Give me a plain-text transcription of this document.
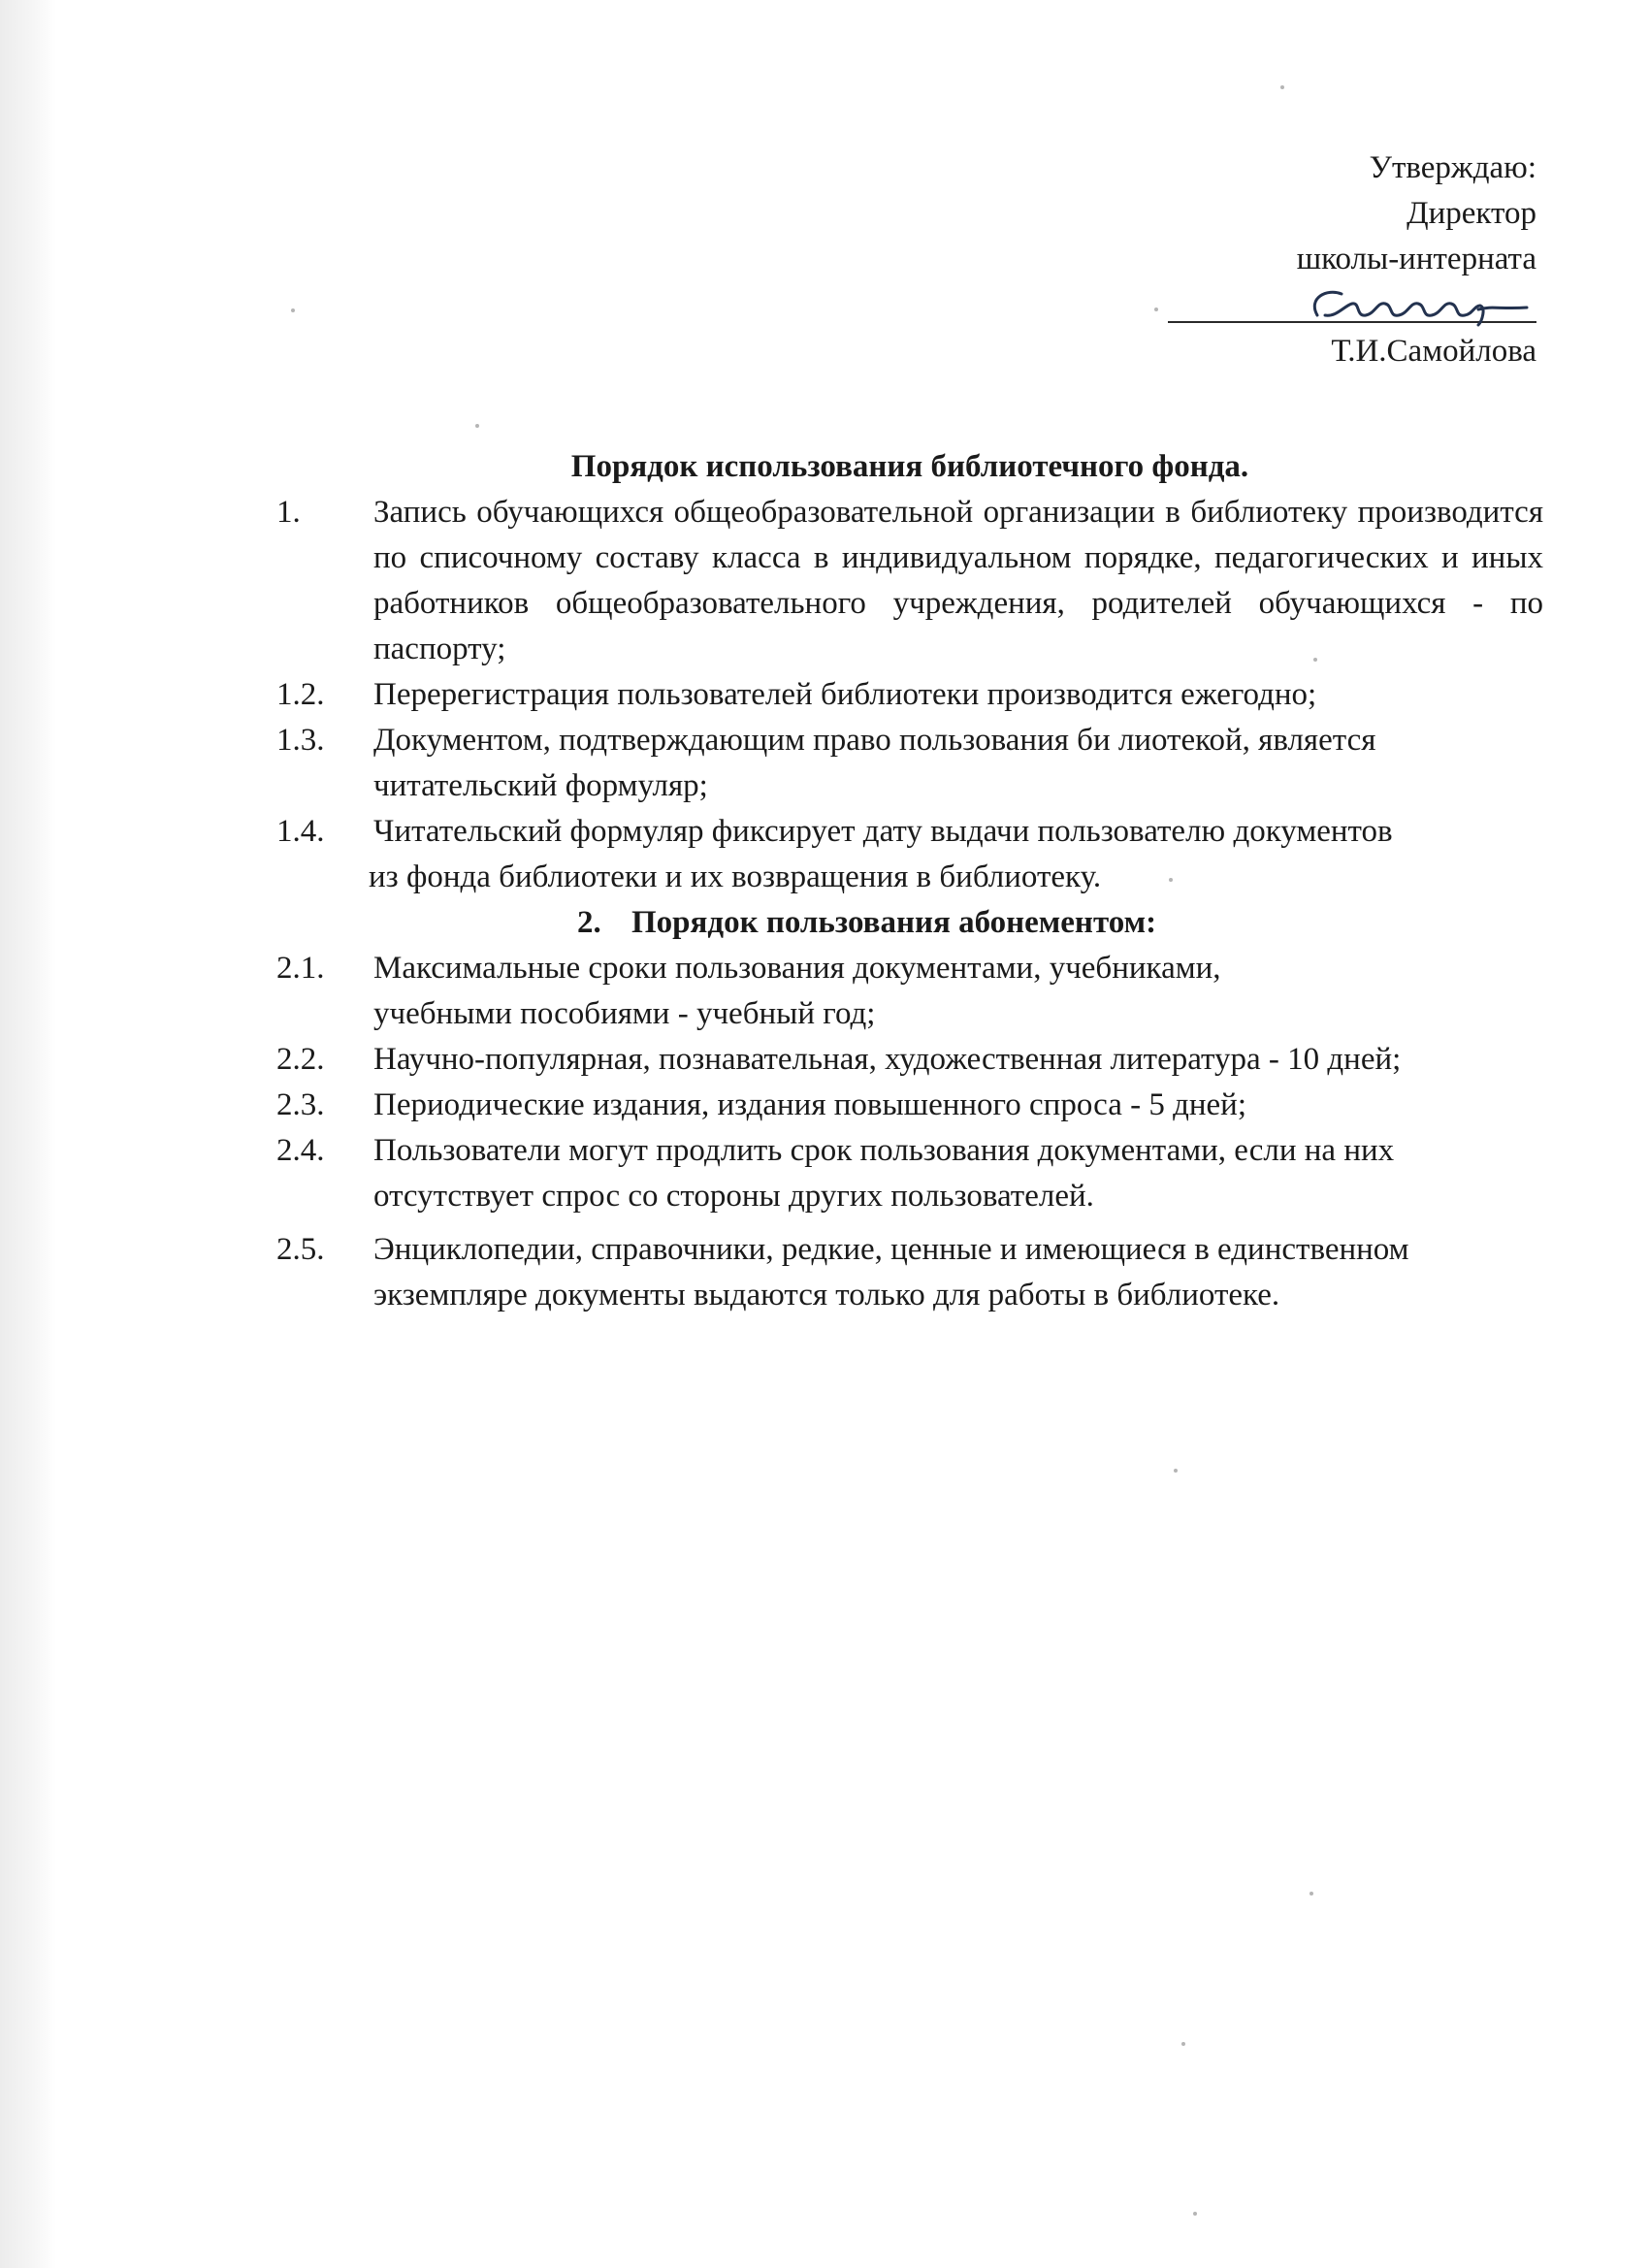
Утверждаю:
Директор
школы-интерната
Т.И.Самойлова

Порядок использования библиотечного фонда.

1.	Запись обучающихся общеобразовательной организации в библиотеку производится по списочному составу класса в индивидуальном порядке, педагогических и иных работников общеобразовательного учреждения, родителей обучающихся - по паспорту;

1.2.	Перерегистрация пользователей библиотеки производится ежегодно;

1.3.	Документом, подтверждающим право пользования би лиотекой, является читательский формуляр;

1.4.	Читательский формуляр фиксирует дату выдачи пользователю документов

из фонда библиотеки и их возвращения в библиотеку.

2. Порядок пользования абонементом:

2.1.	Максимальные сроки пользования документами, учебниками, учебными пособиями - учебный год;

2.2.	Научно-популярная, познавательная, художественная литература - 10 дней;

2.3.	Периодические издания, издания повышенного спроса - 5 дней;

2.4.	Пользователи могут продлить срок пользования документами, если на них отсутствует спрос со стороны других пользователей.

2.5.	Энциклопедии, справочники, редкие, ценные и имеющиеся в единственном экземпляре документы выдаются только для работы в библиотеке.
